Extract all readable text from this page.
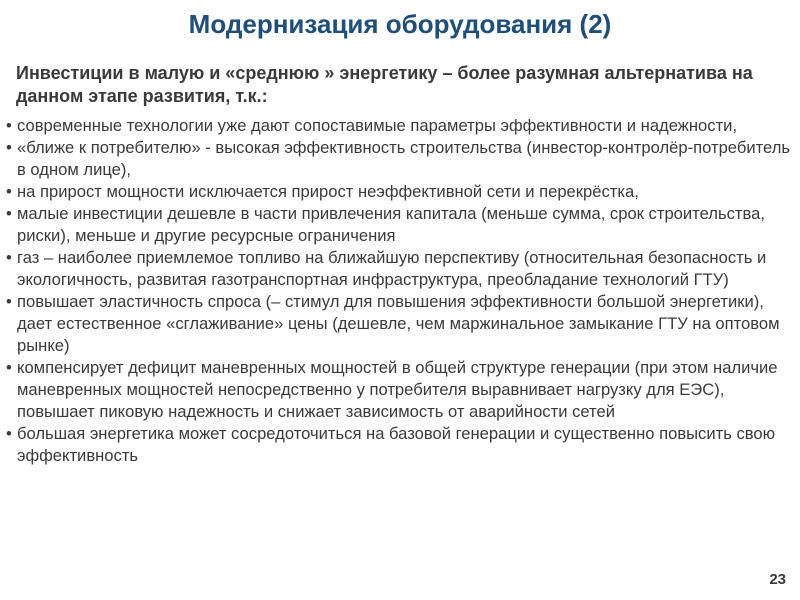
Модернизация оборудования (2)
Инвестиции в малую и «среднюю » энергетику – более разумная альтернатива на данном этапе развития, т.к.:
• современные технологии уже дают сопоставимые параметры эффективности и надежности,
• «ближе к потребителю» - высокая эффективность строительства (инвестор-контролёр-потребитель в одном лице),
• на прирост мощности исключается прирост неэффективной сети и перекрёстка,
• малые инвестиции дешевле в части привлечения капитала (меньше сумма, срок строительства, риски), меньше и другие ресурсные ограничения
• газ – наиболее приемлемое топливо на ближайшую перспективу (относительная безопасность и экологичность, развитая газотранспортная инфраструктура, преобладание технологий ГТУ)
• повышает эластичность спроса (– стимул для повышения эффективности большой энергетики), дает естественное «сглаживание» цены (дешевле, чем маржинальное замыкание ГТУ на оптовом рынке)
• компенсирует дефицит маневренных мощностей в общей структуре генерации (при этом наличие маневренных мощностей непосредственно у потребителя выравнивает нагрузку для ЕЭС), повышает пиковую надежность и снижает зависимость от аварийности сетей
• большая энергетика может сосредоточиться на базовой генерации и существенно повысить свою эффективность
23
